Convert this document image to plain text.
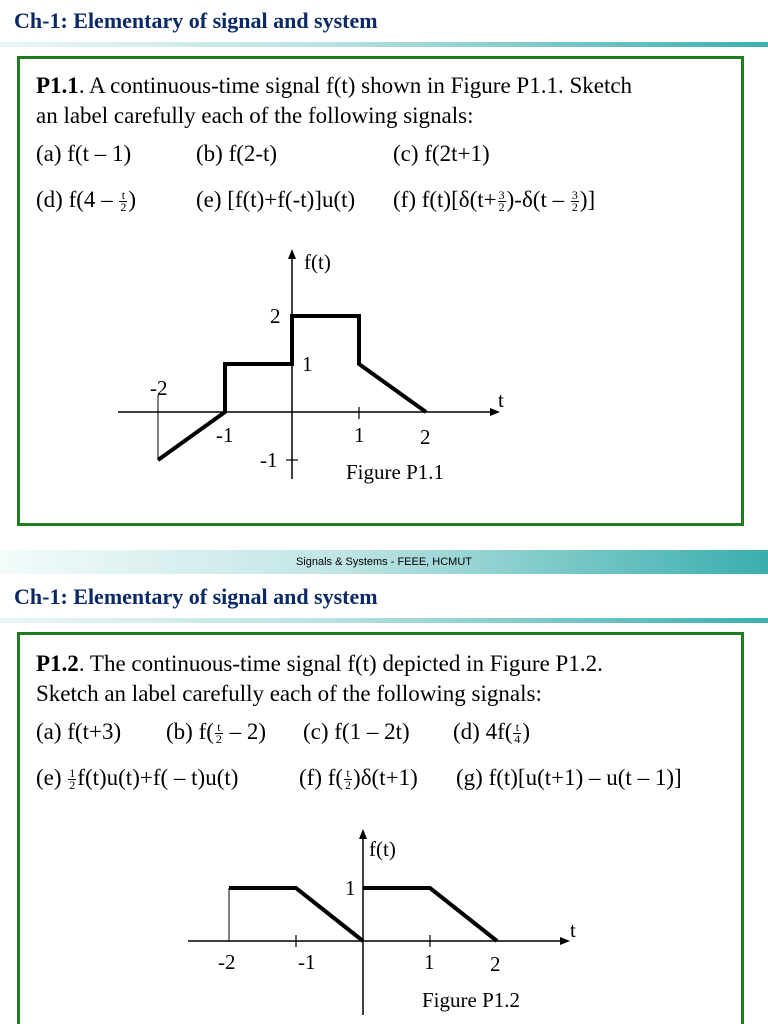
Ch-1: Elementary of signal and system
P1.1. A continuous-time signal f(t) shown in Figure P1.1. Sketch
an label carefully each of the following signals:
(a) f(t – 1)	(b) f(2-t)	(c) f(2t+1)
(d) $f(4 - \frac{t}{2}$ )	(e) [f(t)+f(-t)]u(t) (f) $f(t)[\delta(t+ \frac{3}{2} )-\delta(t - \frac{3}{2}$ )]
f(t)
t
2
1
-1
-2
-1	1	2
Figure P1.1
Signals & Systems - FEEE, HCMUT
Ch-1: Elementary of signal and system
P1.2. The continuous-time signal f(t) depicted in Figure P1.2.
Sketch an label carefully each of the following signals:
(a) f(t+3) (b) $f( \frac{t}{2} - 2)$ (c) f(1 – 2t) (d) $4f( \frac{t}{4}$ )
$(e) \frac{1}{2} f(t)u(t)+f( - t)u(t)$	(f) $f( \frac{t}{2} )\delta(t+1)$ (g) f(t)[u(t+1) – u(t – 1)]
f(t)
t
1
-2	-1	1	2
Figure P1.2
